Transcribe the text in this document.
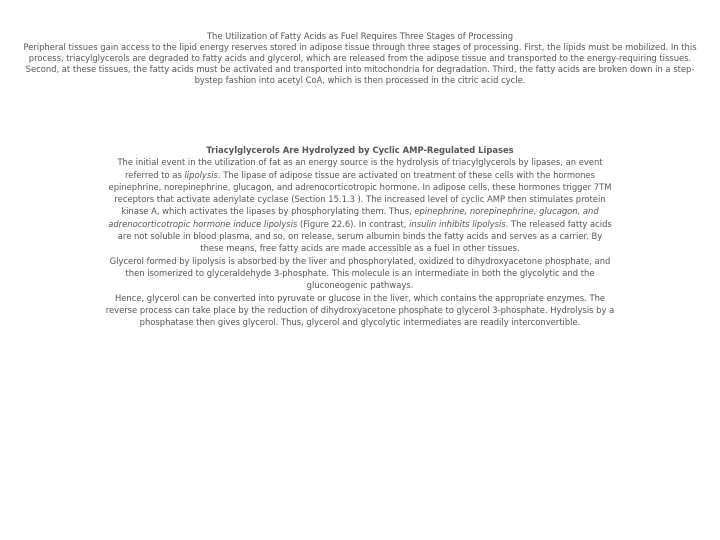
The Utilization of Fatty Acids as Fuel Requires Three Stages of Processing

Peripheral tissues gain access to the lipid energy reserves stored in adipose tissue through three stages of processing. First, the lipids must be mobilized. In this process, triacylglycerols are degraded to fatty acids and glycerol, which are released from the adipose tissue and transported to the energy-requiring tissues. Second, at these tissues, the fatty acids must be activated and transported into mitochondria for degradation. Third, the fatty acids are broken down in a step-bystep fashion into acetyl CoA, which is then processed in the citric acid cycle.

Triacylglycerols Are Hydrolyzed by Cyclic AMP-Regulated Lipases

The initial event in the utilization of fat as an energy source is the hydrolysis of triacylglycerols by lipases, an event referred to as lipolysis. The lipase of adipose tissue are activated on treatment of these cells with the hormones epinephrine, norepinephrine, glucagon, and adrenocorticotropic hormone. In adipose cells, these hormones trigger 7TM receptors that activate adenylate cyclase (Section 15.1.3 ). The increased level of cyclic AMP then stimulates protein kinase A, which activates the lipases by phosphorylating them. Thus, epinephrine, norepinephrine, glucagon, and adrenocorticotropic hormone induce lipolysis (Figure 22.6). In contrast, insulin inhibits lipolysis. The released fatty acids are not soluble in blood plasma, and so, on release, serum albumin binds the fatty acids and serves as a carrier. By these means, free fatty acids are made accessible as a fuel in other tissues.

Glycerol formed by lipolysis is absorbed by the liver and phosphorylated, oxidized to dihydroxyacetone phosphate, and then isomerized to glyceraldehyde 3-phosphate. This molecule is an intermediate in both the glycolytic and the gluconeogenic pathways.

Hence, glycerol can be converted into pyruvate or glucose in the liver, which contains the appropriate enzymes. The reverse process can take place by the reduction of dihydroxyacetone phosphate to glycerol 3-phosphate. Hydrolysis by a phosphatase then gives glycerol. Thus, glycerol and glycolytic intermediates are readily interconvertible.
